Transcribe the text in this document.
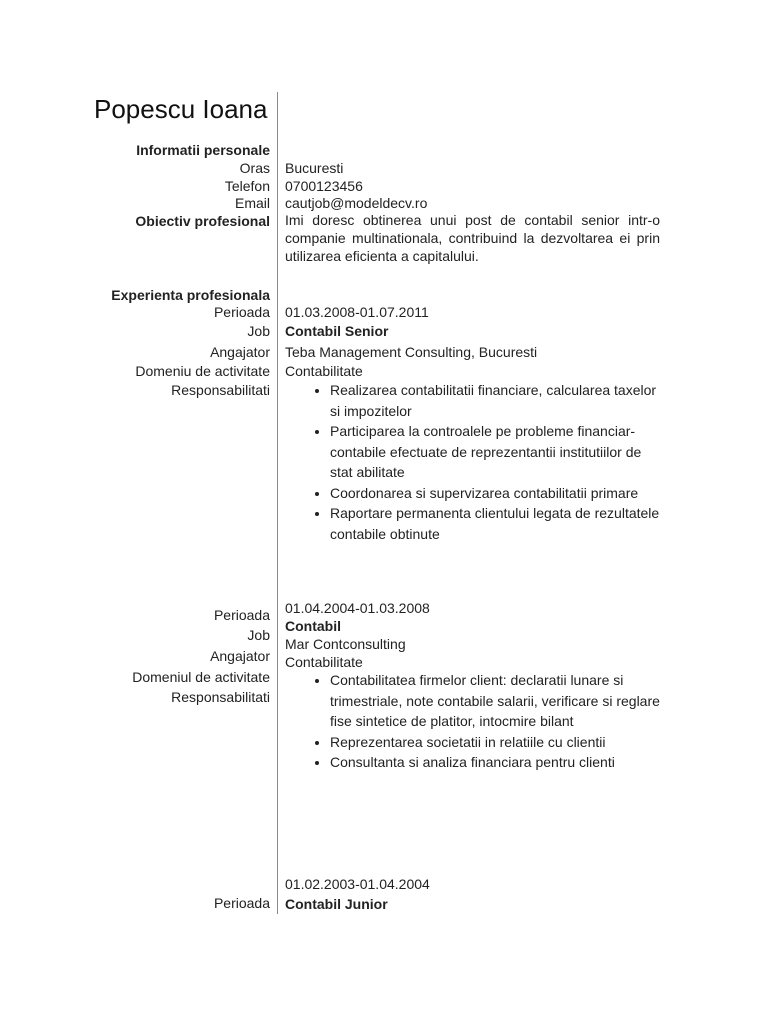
Popescu Ioana
Informatii personale
Oras Bucuresti
Telefon 0700123456
Email cautjob@modeldecv.ro
Obiectiv profesional Imi doresc obtinerea unui post de contabil senior intr-o companie multinationala, contribuind la dezvoltarea ei prin utilizarea eficienta a capitalului.

Experienta profesionala
Perioada 01.03.2008-01.07.2011
Job Contabil Senior
Angajator Teba Management Consulting, Bucuresti
Domeniu de activitate Contabilitate
Responsabilitati
•	Realizarea contabilitatii financiare, calcularea taxelor si impozitelor
• Participarea la controalele pe probleme financiar-contabile efectuate de reprezentantii institutiilor de stat abilitate
• Coordonarea si supervizarea contabilitatii primare
• Raportare permanenta clientului legata de rezultatele contabile obtinute
Perioada 01.04.2004-01.03.2008
Job
Contabil
Angajator
Mar Contconsulting
Domeniul de activitate
Contabilitate
Responsabilitati
• Contabilitatea firmelor client: declaratii lunare si trimestriale, note contabile salarii, verificare si reglare fise sintetice de platitor, intocmire bilant
• Reprezentarea societatii in relatiile cu clientii
• Consultanta si analiza financiara pentru clienti
01.02.2003-01.04.2004
Perioada Contabil Junior
